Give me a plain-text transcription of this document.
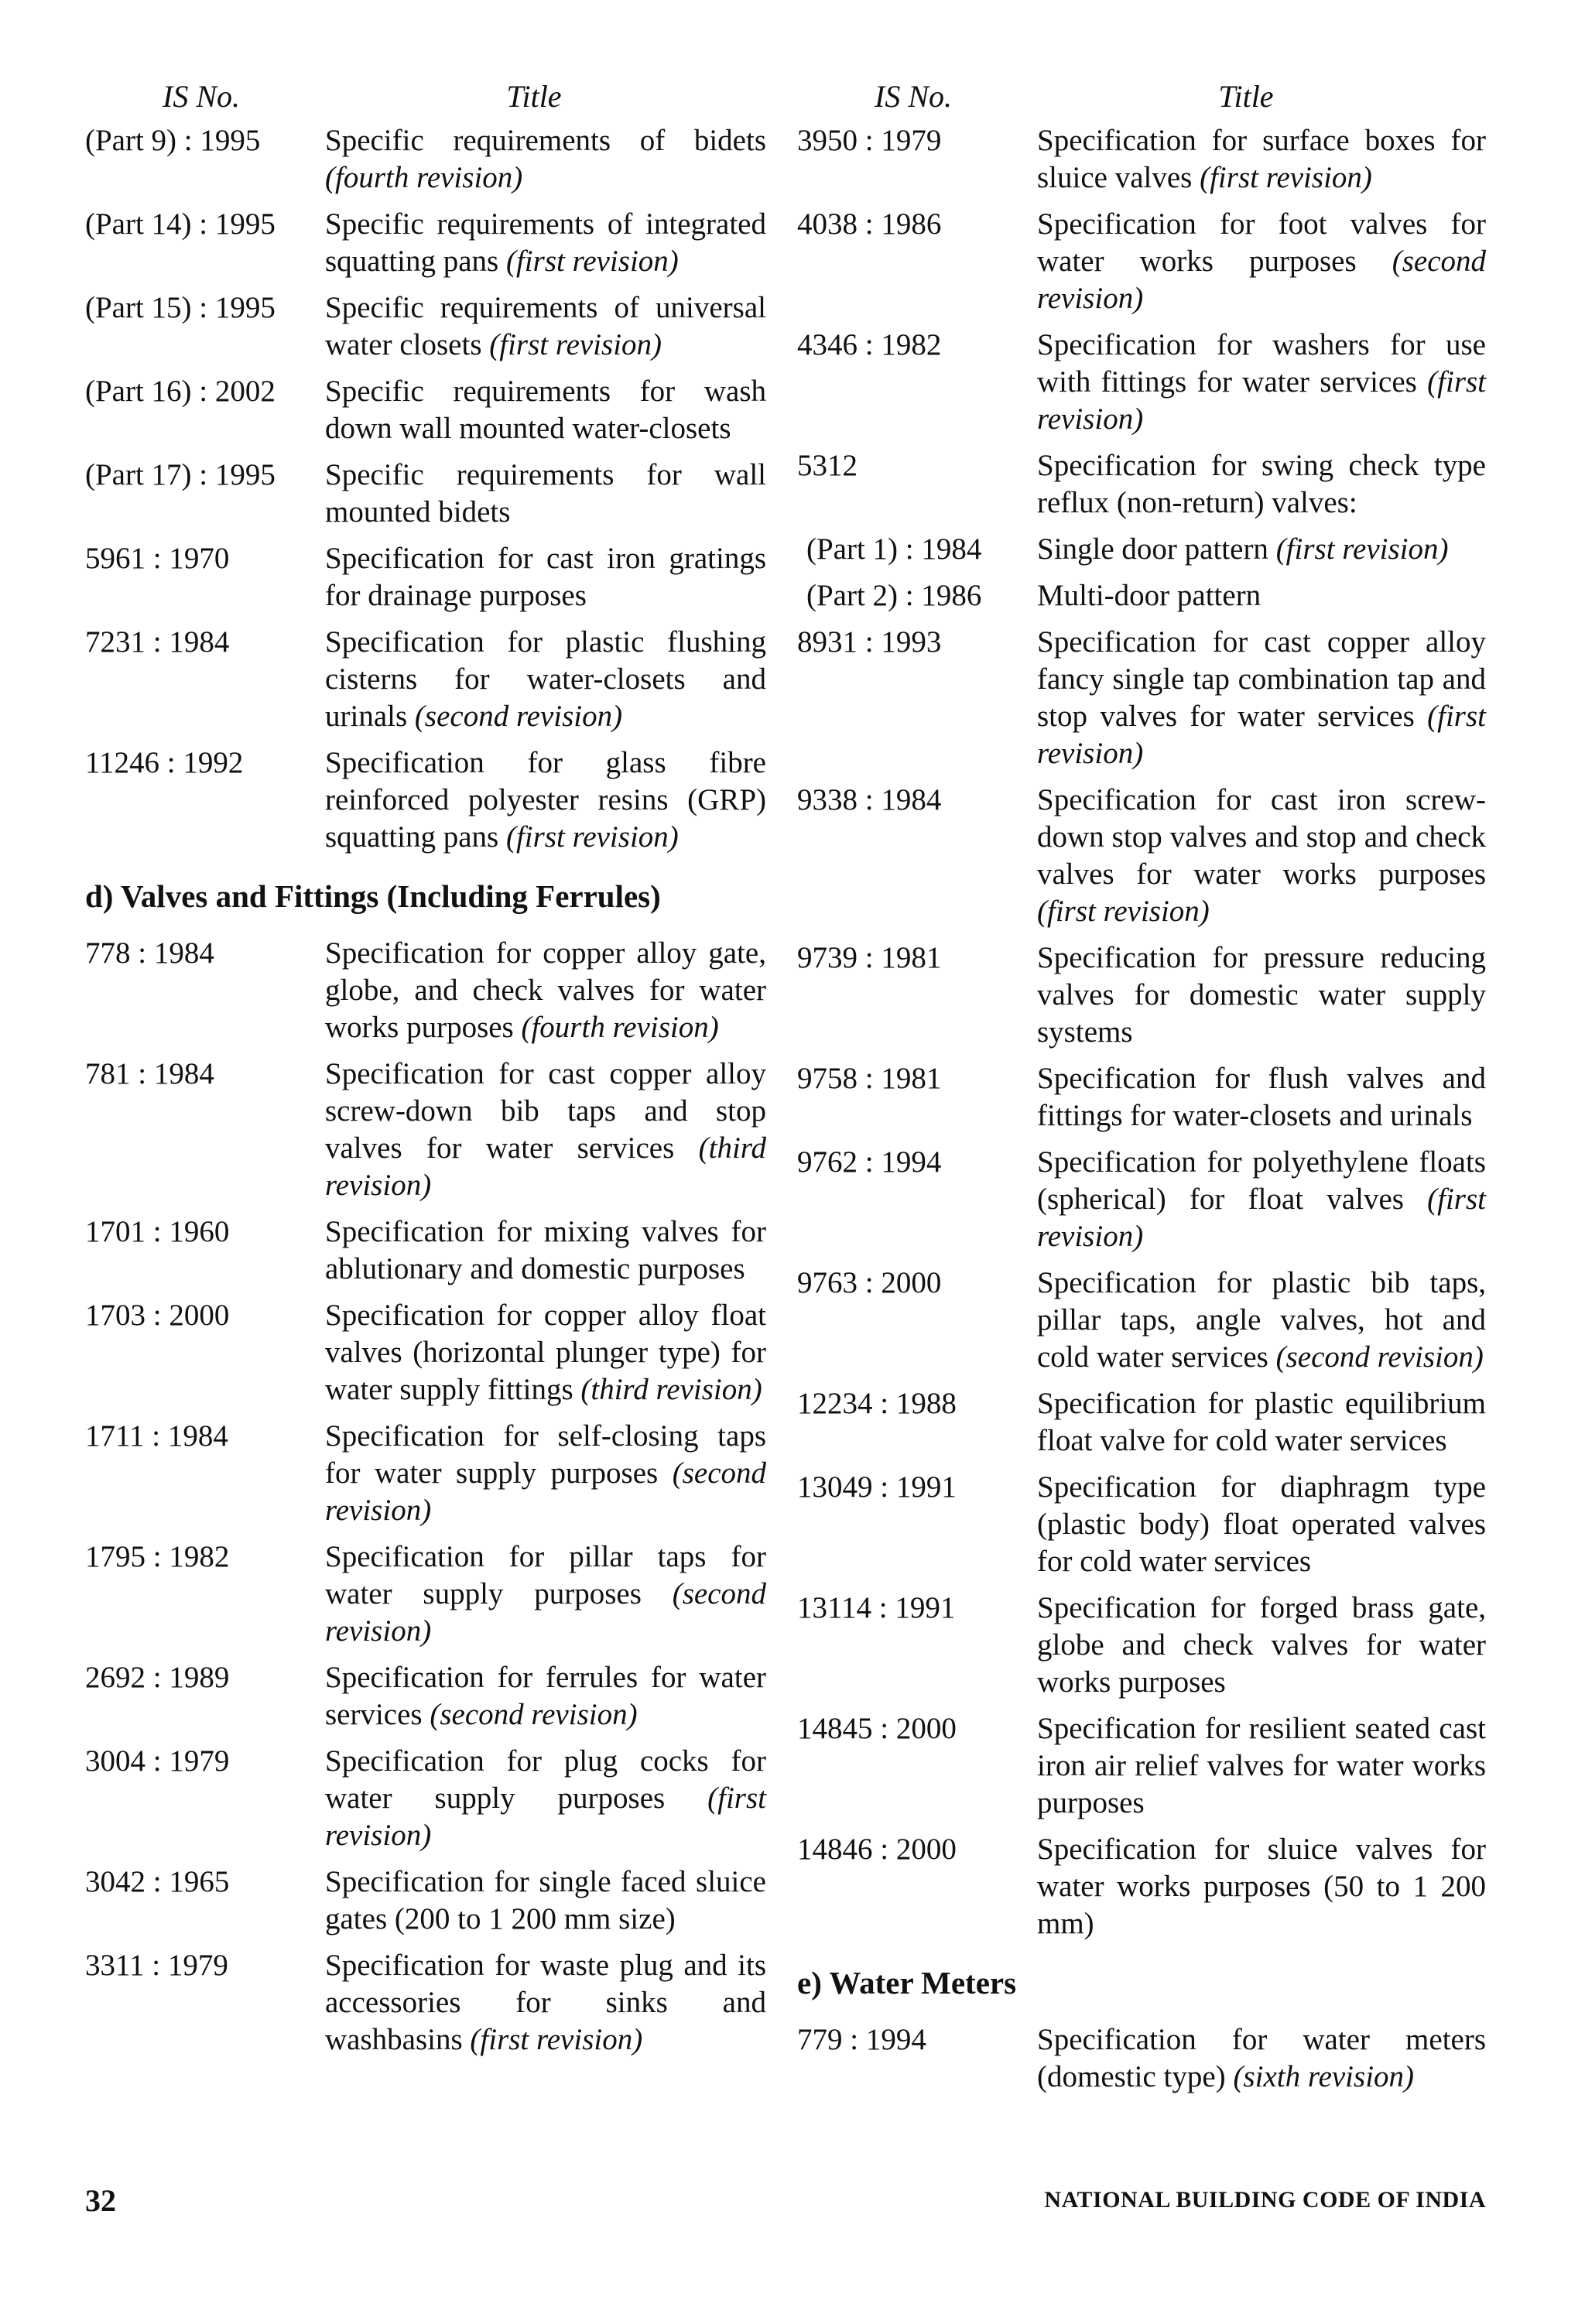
IS No.	Title
(Part 9) : 1995	Specific requirements of bidets (fourth revision)
(Part 14) : 1995	Specific requirements of integrated squatting pans (first revision)
(Part 15) : 1995	Specific requirements of universal water closets (first revision)
(Part 16) : 2002	Specific requirements for wash down wall mounted water-closets
(Part 17) : 1995	Specific requirements for wall mounted bidets
5961 : 1970	Specification for cast iron gratings for drainage purposes
7231 : 1984	Specification for plastic flushing cisterns for water-closets and urinals (second revision)
11246 : 1992	Specification for glass fibre reinforced polyester resins (GRP) squatting pans (first revision)
d) Valves and Fittings (Including Ferrules)
778 : 1984	Specification for copper alloy gate, globe, and check valves for water works purposes (fourth revision)
781 : 1984	Specification for cast copper alloy screw-down bib taps and stop valves for water services (third revision)
1701 : 1960	Specification for mixing valves for ablutionary and domestic purposes
1703 : 2000	Specification for copper alloy float valves (horizontal plunger type) for water supply fittings (third revision)
1711 : 1984	Specification for self-closing taps for water supply purposes (second revision)
1795 : 1982	Specification for pillar taps for water supply purposes (second revision)
2692 : 1989	Specification for ferrules for water services (second revision)
3004 : 1979	Specification for plug cocks for water supply purposes (first revision)
3042 : 1965	Specification for single faced sluice gates (200 to 1 200 mm size)
3311 : 1979	Specification for waste plug and its accessories for sinks and washbasins (first revision)
IS No.	Title
3950 : 1979	Specification for surface boxes for sluice valves (first revision)
4038 : 1986	Specification for foot valves for water works purposes (second revision)
4346 : 1982	Specification for washers for use with fittings for water services (first revision)
5312	Specification for swing check type reflux (non-return) valves:
(Part 1) : 1984	Single door pattern (first revision)
(Part 2) : 1986	Multi-door pattern
8931 : 1993	Specification for cast copper alloy fancy single tap combination tap and stop valves for water services (first revision)
9338 : 1984	Specification for cast iron screw-down stop valves and stop and check valves for water works purposes (first revision)
9739 : 1981	Specification for pressure reducing valves for domestic water supply systems
9758 : 1981	Specification for flush valves and fittings for water-closets and urinals
9762 : 1994	Specification for polyethylene floats (spherical) for float valves (first revision)
9763 : 2000	Specification for plastic bib taps, pillar taps, angle valves, hot and cold water services (second revision)
12234 : 1988	Specification for plastic equilibrium float valve for cold water services
13049 : 1991	Specification for diaphragm type (plastic body) float operated valves for cold water services
13114 : 1991	Specification for forged brass gate, globe and check valves for water works purposes
14845 : 2000	Specification for resilient seated cast iron air relief valves for water works purposes
14846 : 2000	Specification for sluice valves for water works purposes (50 to 1 200 mm)
e) Water Meters
779 : 1994	Specification for water meters (domestic type) (sixth revision)
32	NATIONAL BUILDING CODE OF INDIA
